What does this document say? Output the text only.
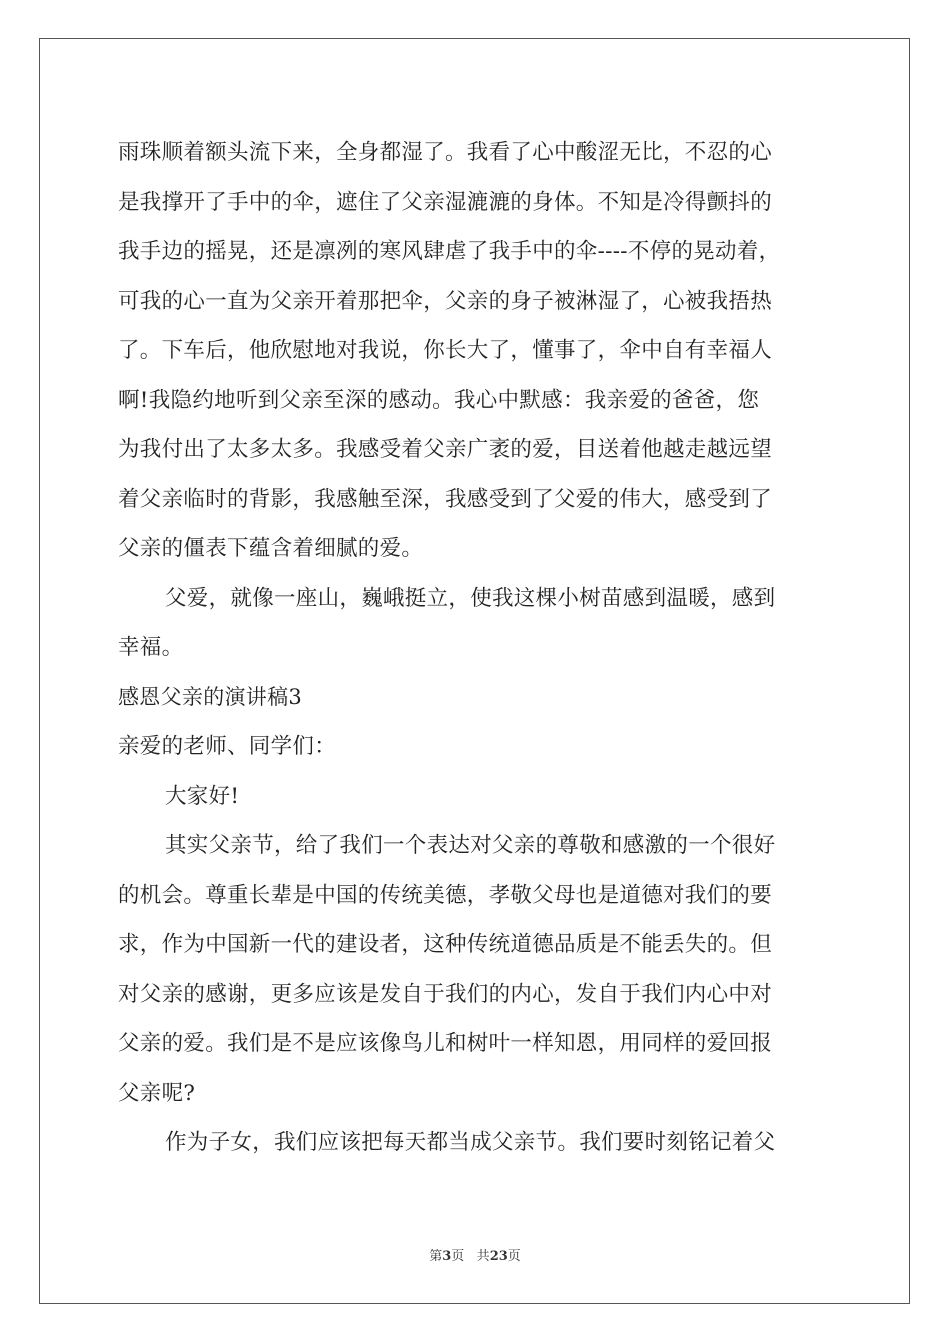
雨珠顺着额头流下来，全身都湿了。我看了心中酸涩无比，不忍的心
是我撑开了手中的伞，遮住了父亲湿漉漉的身体。不知是冷得颤抖的
我手边的摇晃，还是凛冽的寒风肆虐了我手中的伞----不停的晃动着，
可我的心一直为父亲开着那把伞，父亲的身子被淋湿了，心被我捂热
了。下车后，他欣慰地对我说，你长大了，懂事了，伞中自有幸福人
啊!我隐约地听到父亲至深的感动。我心中默感：我亲爱的爸爸，您
为我付出了太多太多。我感受着父亲广袤的爱，目送着他越走越远望
着父亲临时的背影，我感触至深，我感受到了父爱的伟大，感受到了
父亲的僵表下蕴含着细腻的爱。
父爱，就像一座山，巍峨挺立，使我这棵小树苗感到温暖，感到
幸福。
感恩父亲的演讲稿3
亲爱的老师、同学们：
大家好!
其实父亲节，给了我们一个表达对父亲的尊敬和感激的一个很好
的机会。尊重长辈是中国的传统美德，孝敬父母也是道德对我们的要
求，作为中国新一代的建设者，这种传统道德品质是不能丢失的。但
对父亲的感谢，更多应该是发自于我们的内心，发自于我们内心中对
父亲的爱。我们是不是应该像鸟儿和树叶一样知恩，用同样的爱回报
父亲呢?
作为子女，我们应该把每天都当成父亲节。我们要时刻铭记着父
第3页 共23页
